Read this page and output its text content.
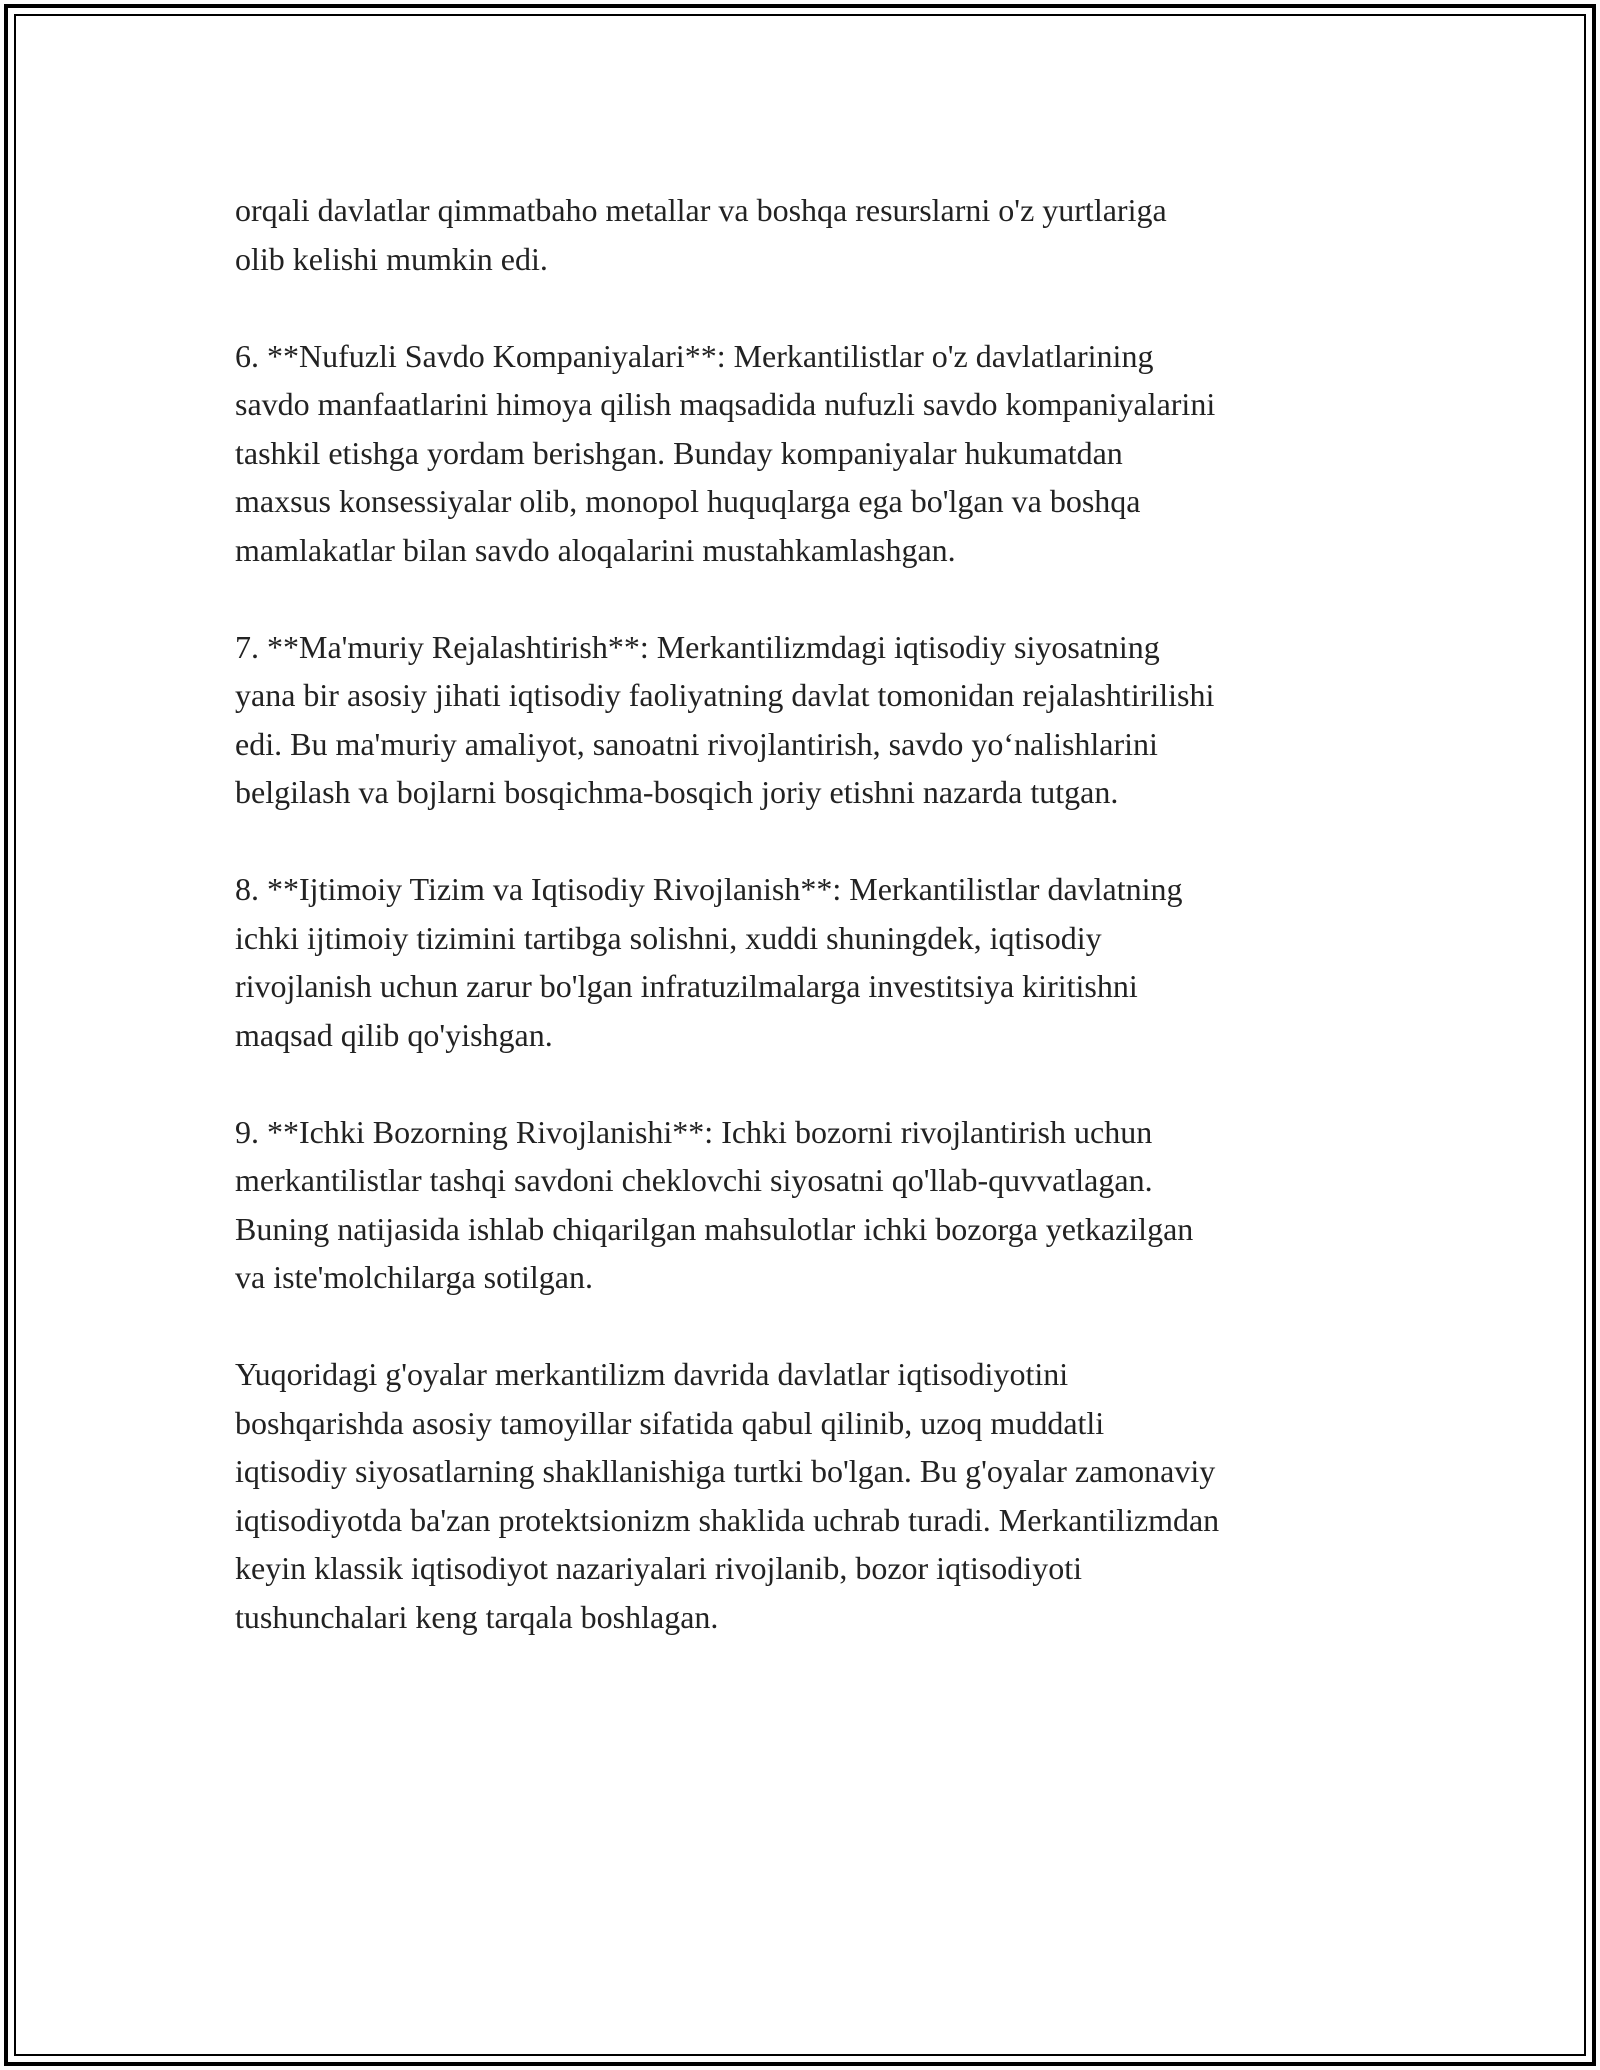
orqali davlatlar qimmatbaho metallar va boshqa resurslarni o'z yurtlariga
olib kelishi mumkin edi.

6. **Nufuzli Savdo Kompaniyalari**: Merkantilistlar o'z davlatlarining
savdo manfaatlarini himoya qilish maqsadida nufuzli savdo kompaniyalarini
tashkil etishga yordam berishgan. Bunday kompaniyalar hukumatdan
maxsus konsessiyalar olib, monopol huquqlarga ega bo'lgan va boshqa
mamlakatlar bilan savdo aloqalarini mustahkamlashgan.

7. **Ma'muriy Rejalashtirish**: Merkantilizmdagi iqtisodiy siyosatning
yana bir asosiy jihati iqtisodiy faoliyatning davlat tomonidan rejalashtirilishi
edi. Bu ma'muriy amaliyot, sanoatni rivojlantirish, savdo yo‘nalishlarini
belgilash va bojlarni bosqichma-bosqich joriy etishni nazarda tutgan.

8. **Ijtimoiy Tizim va Iqtisodiy Rivojlanish**: Merkantilistlar davlatning
ichki ijtimoiy tizimini tartibga solishni, xuddi shuningdek, iqtisodiy
rivojlanish uchun zarur bo'lgan infratuzilmalarga investitsiya kiritishni
maqsad qilib qo'yishgan.

9. **Ichki Bozorning Rivojlanishi**: Ichki bozorni rivojlantirish uchun
merkantilistlar tashqi savdoni cheklovchi siyosatni qo'llab-quvvatlagan.
Buning natijasida ishlab chiqarilgan mahsulotlar ichki bozorga yetkazilgan
va iste'molchilarga sotilgan.

Yuqoridagi g'oyalar merkantilizm davrida davlatlar iqtisodiyotini
boshqarishda asosiy tamoyillar sifatida qabul qilinib, uzoq muddatli
iqtisodiy siyosatlarning shakllanishiga turtki bo'lgan. Bu g'oyalar zamonaviy
iqtisodiyotda ba'zan protektsionizm shaklida uchrab turadi. Merkantilizmdan
keyin klassik iqtisodiyot nazariyalari rivojlanib, bozor iqtisodiyoti
tushunchalari keng tarqala boshlagan.
